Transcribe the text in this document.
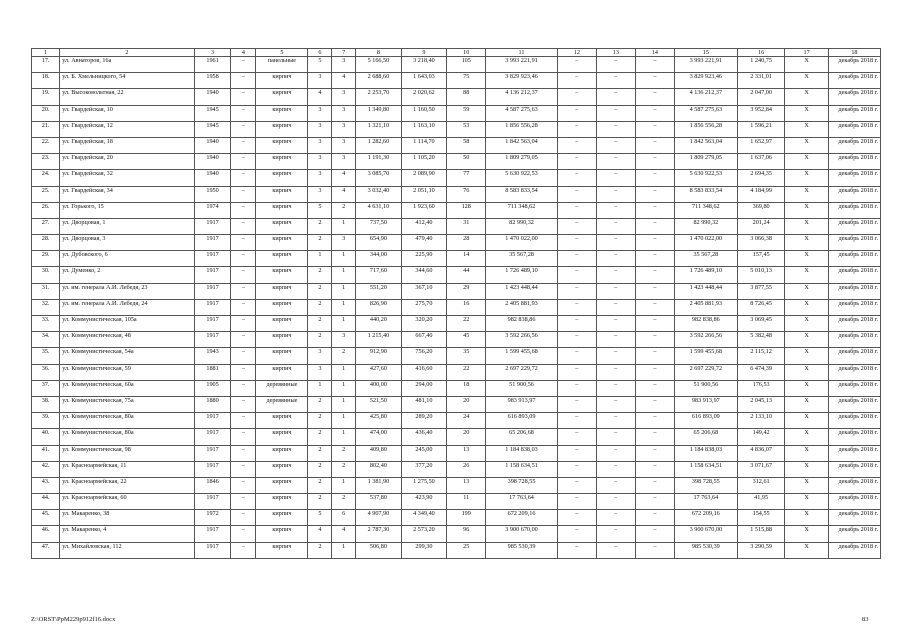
1	2	3	4	5	6	7	8	9	10	11	12	13	14	15	16	17	18
17.	ул. Авиаторов, 16а	1961	–	панельные	5	3	5 166,50	3 218,40	105	3 993 221,91	–	–	–	3 993 221,91	1 240,75	X	декабрь 2018 г.
18.	ул. Б. Хмельницкого, 54	1958	–	кирпич	3	4	2 688,60	1 643,03	75	3 829 923,46	–	–	–	3 829 923,46	2 331,01	X	декабрь 2018 г.
19.	ул. Высоковольтная, 22	1940	–	кирпич	4	3	2 253,70	2 020,62	88	4 136 212,37	–	–	–	4 136 212,37	2 047,00	X	декабрь 2018 г.
20.	ул. Гвардейская, 10	1945	–	кирпич	3	3	1 349,80	1 160,50	59	4 587 275,63	–	–	–	4 587 275,63	3 952,84	X	декабрь 2018 г.
21.	ул. Гвардейская, 12	1945	–	кирпич	3	3	1 321,10	1 163,10	53	1 856 556,28	–	–	–	1 856 556,28	1 596,21	X	декабрь 2018 г.
22.	ул. Гвардейская, 18	1940	–	кирпич	3	3	1 282,60	1 114,70	58	1 842 563,04	–	–	–	1 842 563,04	1 652,97	X	декабрь 2018 г.
23.	ул. Гвардейская, 20	1940	–	кирпич	3	3	1 191,30	1 105,20	50	1 809 279,05	–	–	–	1 809 279,05	1 637,06	X	декабрь 2018 г.
24.	ул. Гвардейская, 32	1940	–	кирпич	3	4	3 085,70	2 089,90	77	5 630 922,53	–	–	–	5 630 922,53	2 694,35	X	декабрь 2018 г.
25.	ул. Гвардейская, 34	1950	–	кирпич	3	4	3 032,40	2 051,10	76	8 583 833,54	–	–	–	8 583 833,54	4 184,99	X	декабрь 2018 г.
26.	ул. Горького, 15	1974	–	кирпич	5	2	4 631,10	1 923,60	128	711 348,62	–	–	–	711 348,62	369,80	X	декабрь 2018 г.
27.	ул. Дворцовая, 1	1917	–	кирпич	2	1	737,50	412,40	31	82 990,32	–	–	–	82 990,32	201,24	X	декабрь 2018 г.
28.	ул. Дворцовая, 3	1917	–	кирпич	2	3	654,90	479,40	28	1 470 022,00	–	–	–	1 470 022,00	3 066,38	X	декабрь 2018 г.
29.	ул. Дубовского, 6	1917	–	кирпич	1	1	344,00	225,90	14	35 567,28	–	–	–	35 567,28	157,45	X	декабрь 2018 г.
30.	ул. Думенко, 2	1917	–	кирпич	2	1	717,60	344,60	44	1 726 489,10	–	–	–	1 726 489,10	5 010,13	X	декабрь 2018 г.
31.	ул. им. генерала А.И. Лебедя, 23	1917	–	кирпич	2	1	551,20	367,10	29	1 423 448,44	–	–	–	1 423 448,44	3 877,55	X	декабрь 2018 г.
32.	ул. им. генерала А.И. Лебедя, 24	1917	–	кирпич	2	1	826,90	275,70	16	2 405 881,93	–	–	–	2 405 881,93	8 726,45	X	декабрь 2018 г.
33.	ул. Коммунистическая, 105а	1917	–	кирпич	2	1	440,20	320,20	22	982 838,86	–	–	–	982 838,86	3 069,45	X	декабрь 2018 г.
34.	ул. Коммунистическая, 48	1917	–	кирпич	2	3	1 215,40	667,40	45	3 592 266,56	–	–	–	3 592 266,56	5 382,48	X	декабрь 2018 г.
35.	ул. Коммунистическая, 54а	1943	–	кирпич	3	2	912,90	756,20	35	1 599 455,68	–	–	–	1 599 455,68	2 115,12	X	декабрь 2018 г.
36.	ул. Коммунистическая, 59	1881	–	кирпич	3	1	427,60	416,60	22	2 697 229,72	–	–	–	2 697 229,72	6 474,39	X	декабрь 2018 г.
37.	ул. Коммунистическая, 60а	1905	–	деревянные	1	1	400,00	294,00	18	51 900,56	–	–	–	51 900,56	176,53	X	декабрь 2018 г.
38.	ул. Коммунистическая, 75а	1880	–	деревянные	2	1	521,50	481,10	20	983 913,97	–	–	–	983 913,97	2 045,13	X	декабрь 2018 г.
39.	ул. Коммунистическая, 80а	1917	–	кирпич	2	1	425,80	289,20	24	616 893,09	–	–	–	616 893,09	2 133,10	X	декабрь 2018 г.
40.	ул. Коммунистическая, 80а	1917	–	кирпич	2	1	474,00	436,40	20	65 206,68	–	–	–	65 206,68	149,42	X	декабрь 2018 г.
41.	ул. Коммунистическая, 98	1917	–	кирпич	2	2	409,80	245,00	13	1 184 838,03	–	–	–	1 184 838,03	4 836,07	X	декабрь 2018 г.
42.	ул. Красноармейская, 11	1917	–	кирпич	2	2	802,40	377,20	26	1 158 634,51	–	–	–	1 158 634,51	3 071,67	X	декабрь 2018 г.
43.	ул. Красноармейская, 22	1846	–	кирпич	2	1	1 381,90	1 275,50	13	398 728,55	–	–	–	398 728,55	312,61	X	декабрь 2018 г.
44.	ул. Красноармейская, 60	1917	–	кирпич	2	2	537,80	423,90	11	17 763,64	–	–	–	17 763,64	41,95	X	декабрь 2018 г.
45.	ул. Макаренко, 38	1972	–	кирпич	5	6	4 907,90	4 349,40	199	672 209,16	–	–	–	672 209,16	154,55	X	декабрь 2018 г.
46.	ул. Макаренко, 4	1917	–	кирпич	4	4	2 787,30	2 573,20	96	3 900 670,00	–	–	–	3 900 670,00	1 515,88	X	декабрь 2018 г.
47.	ул. Михайловская, 112	1917	–	кирпич	2	1	506,80	299,30	25	985 530,39	–	–	–	985 530,39	3 290,59	X	декабрь 2018 г.
Z:\ORST\PpM229p912f16.docx	83
